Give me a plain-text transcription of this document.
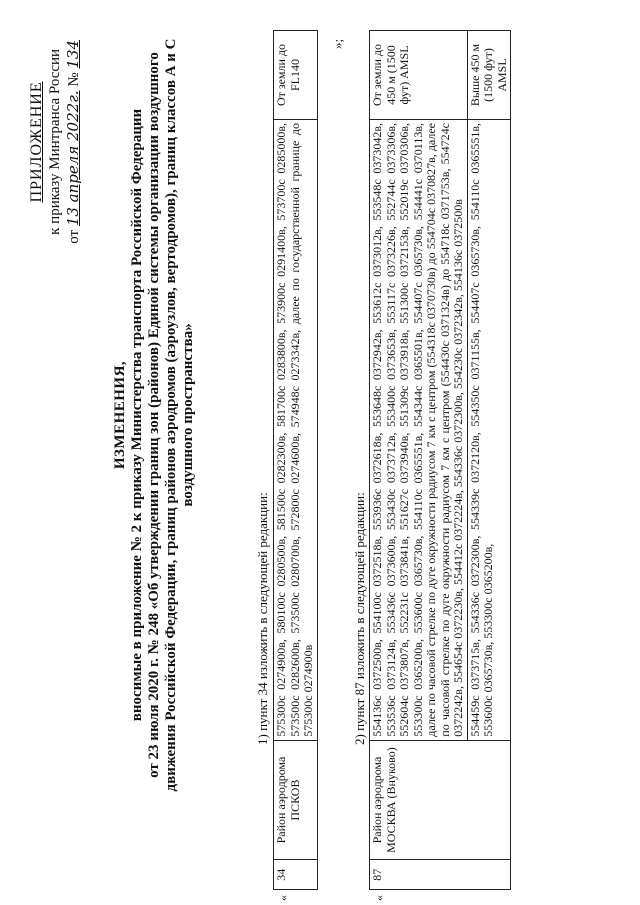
ПРИЛОЖЕНИЕ к приказу Минтранса России
от 13 апреля 2022г. № 134
ИЗМЕНЕНИЯ, вносимые в приложение № 2 к приказу Министерства транспорта Российской Федерации от 23 июля 2020 г. № 248 «Об утверждении границ зон (районов) Единой системы организации воздушного движения Российской Федерации, границ районов аэродромов (аэроузлов, вертодромов), границ классов А и С воздушного пространства»
1) пункт 34 изложить в следующей редакции:
«
34	Район аэродрома ПСКОВ	575300с 0274900в, 580100с 0280500в, 581500с 0282300в, 581700с 0283800в, 573900с 0291400в, 573700с 0285000в, 573500с 0282600в, 573500с 0280700в, 572800с 0274600в, 574948с 0273342в, далее по государственной границе до 575300с 0274900в	От земли до FL140
»;
2) пункт 87 изложить в следующей редакции:
«
87	Район аэродрома МОСКВА (Внуково)	554136с 0372500в, 554100с 0372518в, 553936с 0372618в, 553648с 0372942в, 553612с 0373012в, 553548с 0373042в, 553536с 0373124в, 553436с 0373600в, 553430с 0373712в, 553400с 0373653в, 553117с 0373226в, 552744с 0373306в, 552604с 0373807в, 552231с 0373841в, 551627с 0373940в, 551309с 0373918в, 551300с 0372153в, 552019с 0370306в, 553300с 0365200в, 553600с 0365730в, 554110с 0365551в, 554344с 0365501в, 554407с 0365730в, 554441с 0370113в, далее по часовой стрелке по дуге окружности радиусом 7 км с центром (554318с 0370730в) до 554704с 0370827в, далее по часовой стрелке по дуге окружности радиусом 7 км с центром (554430с 0371324в) до 554718с 0371753в, 554724с 0372242в, 554654с 0372230в, 554412с 0372224в, 554336с 0372300в, 554230с 0372342в, 554136с 0372500в	От земли до 450 м (1500 фут) AMSL
		554459с 0373715в, 554336с 0372300в, 554339с 0372120в, 554350с 0371155в, 554407с 0365730в, 554110с 0365551в, 553600с 0365730в, 553300с 0365200в,	Выше 450 м (1500 фут) AMSL
